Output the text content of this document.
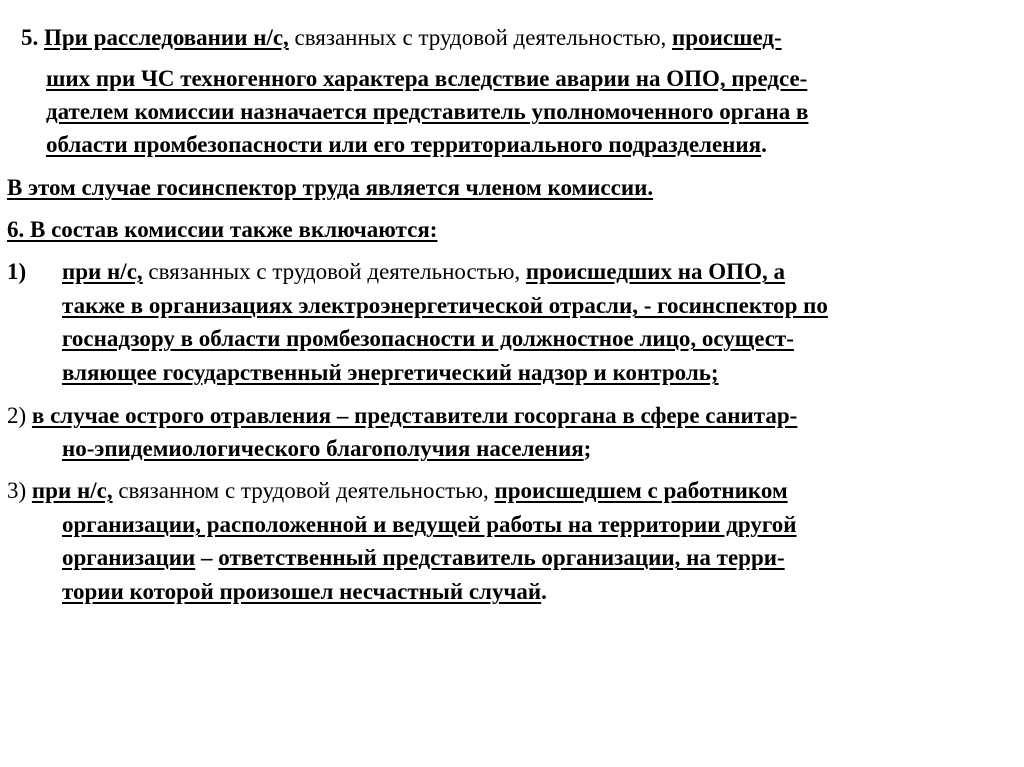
5. При расследовании н/с, связанных с трудовой деятельностью, происшед-
ших при ЧС техногенного характера вследствие аварии на ОПО, предсе-
дателем комиссии назначается представитель уполномоченного органа в
области промбезопасности или его территориального подразделения.
В этом случае госинспектор труда является членом комиссии.
6. В состав комиссии также включаются:
1) при н/с, связанных с трудовой деятельностью, происшедших на ОПО, а
также в организациях электроэнергетической отрасли, - госинспектор по
госнадзору в области промбезопасности и должностное лицо, осущест-
вляющее государственный энергетический надзор и контроль;
2) в случае острого отравления – представители госоргана в сфере санитар-
но-эпидемиологического благополучия населения;
3) при н/с, связанном с трудовой деятельностью, происшедшем с работником
организации, расположенной и ведущей работы на территории другой
организации – ответственный представитель организации, на терри-
тории которой произошел несчастный случай.
